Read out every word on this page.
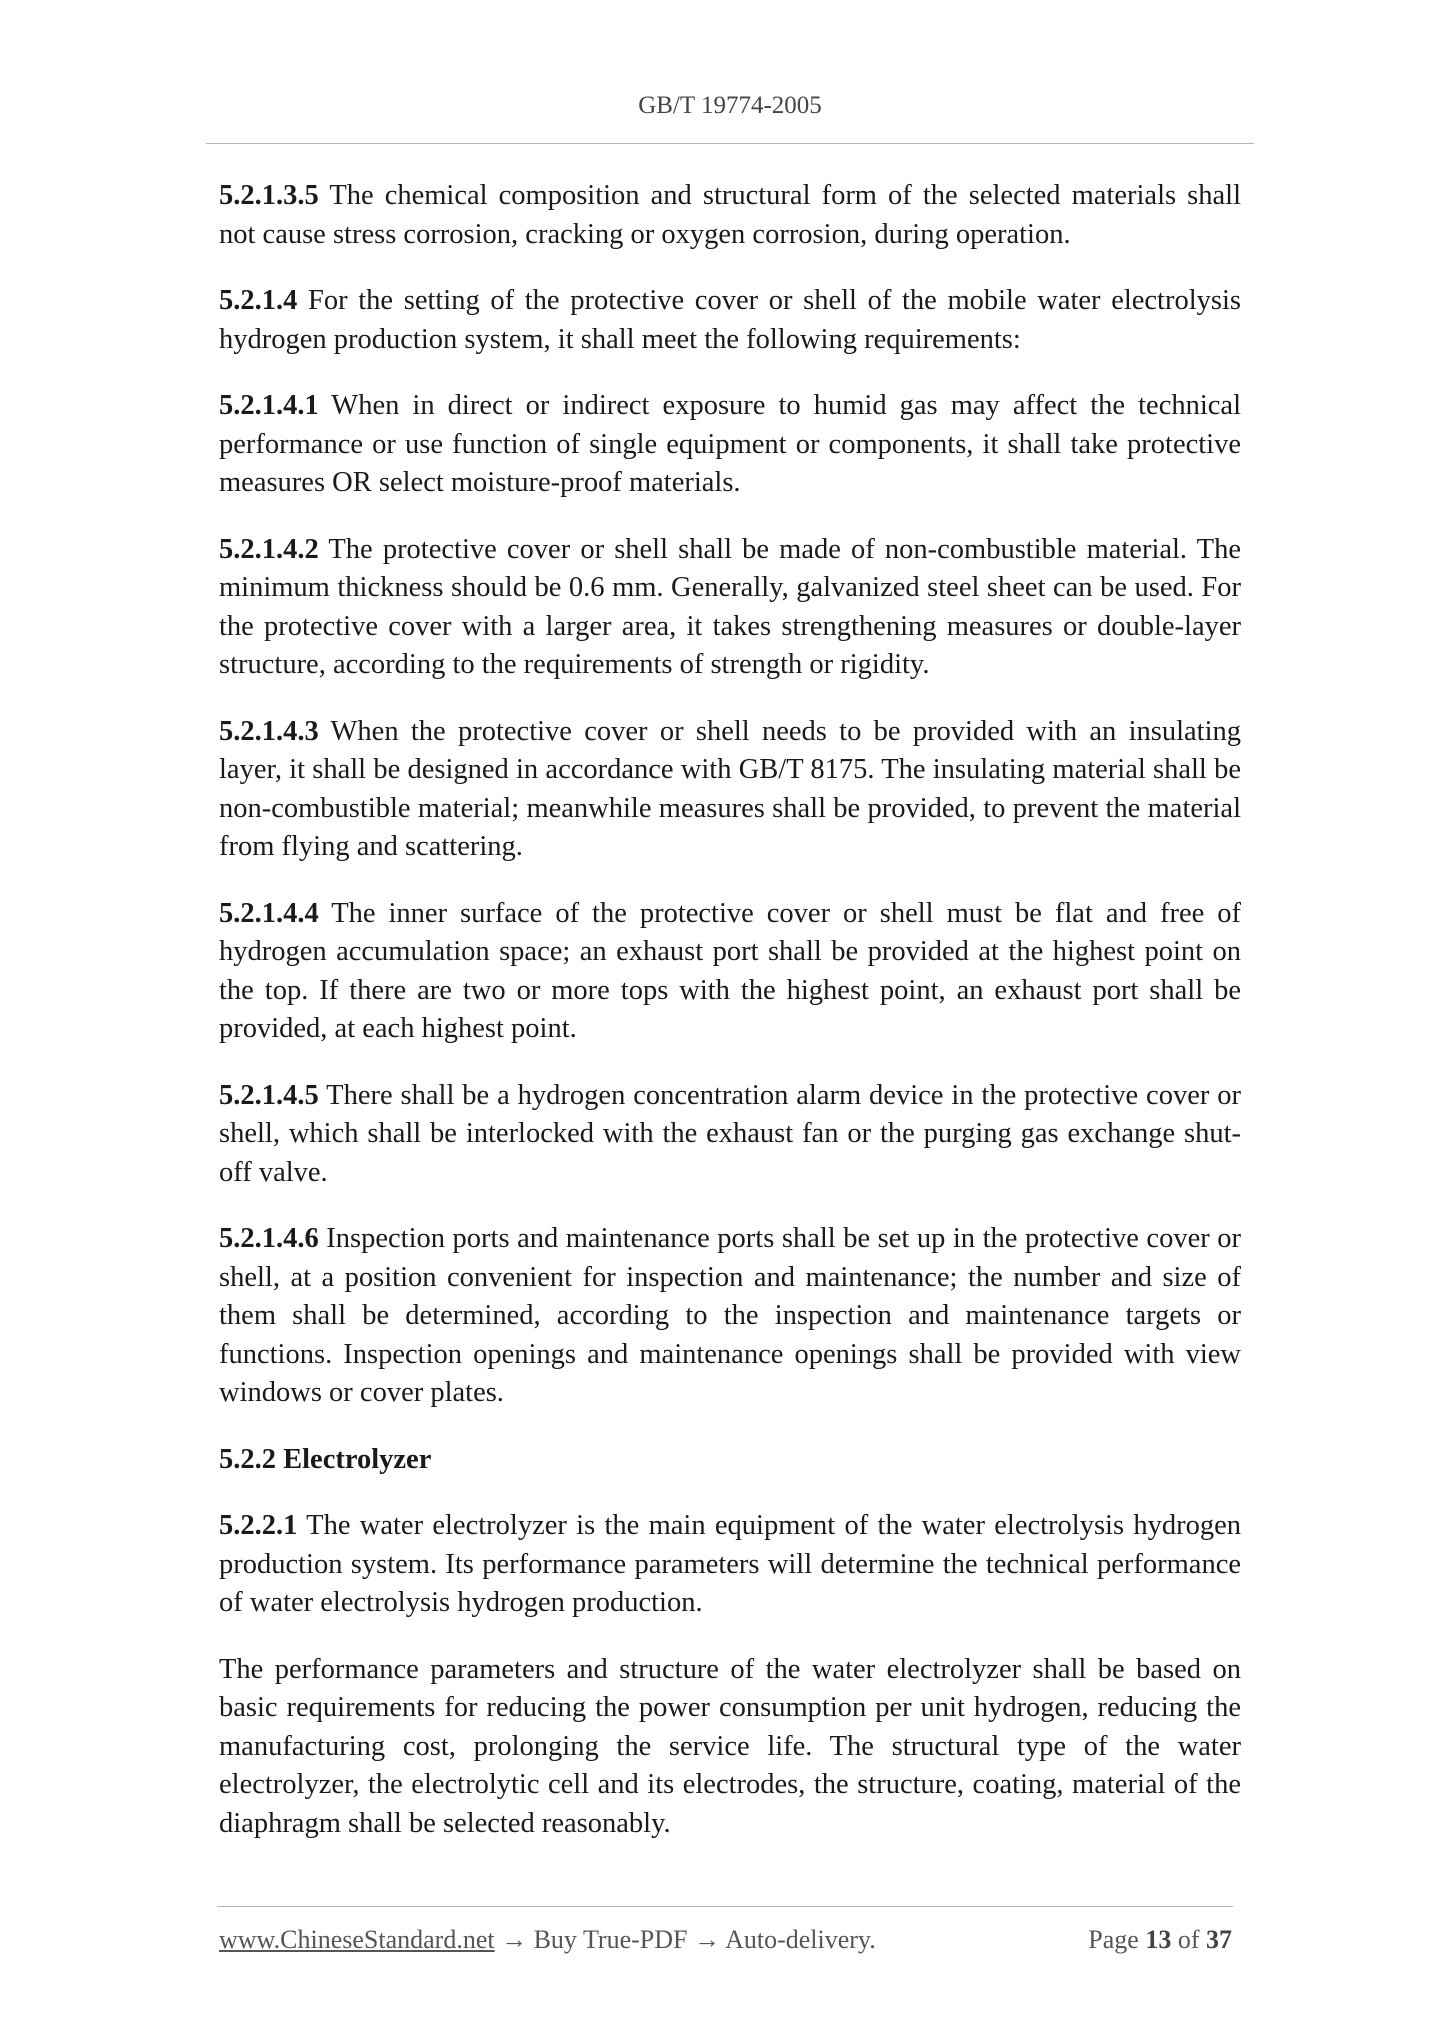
GB/T 19774-2005

5.2.1.3.5 The chemical composition and structural form of the selected materials shall not cause stress corrosion, cracking or oxygen corrosion, during operation.

5.2.1.4 For the setting of the protective cover or shell of the mobile water electrolysis hydrogen production system, it shall meet the following requirements:

5.2.1.4.1 When in direct or indirect exposure to humid gas may affect the technical performance or use function of single equipment or components, it shall take protective measures OR select moisture-proof materials.

5.2.1.4.2 The protective cover or shell shall be made of non-combustible material. The minimum thickness should be 0.6 mm. Generally, galvanized steel sheet can be used. For the protective cover with a larger area, it takes strengthening measures or double-layer structure, according to the requirements of strength or rigidity.

5.2.1.4.3 When the protective cover or shell needs to be provided with an insulating layer, it shall be designed in accordance with GB/T 8175. The insulating material shall be non-combustible material; meanwhile measures shall be provided, to prevent the material from flying and scattering.

5.2.1.4.4 The inner surface of the protective cover or shell must be flat and free of hydrogen accumulation space; an exhaust port shall be provided at the highest point on the top. If there are two or more tops with the highest point, an exhaust port shall be provided, at each highest point.

5.2.1.4.5 There shall be a hydrogen concentration alarm device in the protective cover or shell, which shall be interlocked with the exhaust fan or the purging gas exchange shut-off valve.

5.2.1.4.6 Inspection ports and maintenance ports shall be set up in the protective cover or shell, at a position convenient for inspection and maintenance; the number and size of them shall be determined, according to the inspection and maintenance targets or functions. Inspection openings and maintenance openings shall be provided with view windows or cover plates.

5.2.2 Electrolyzer

5.2.2.1 The water electrolyzer is the main equipment of the water electrolysis hydrogen production system. Its performance parameters will determine the technical performance of water electrolysis hydrogen production.

The performance parameters and structure of the water electrolyzer shall be based on basic requirements for reducing the power consumption per unit hydrogen, reducing the manufacturing cost, prolonging the service life. The structural type of the water electrolyzer, the electrolytic cell and its electrodes, the structure, coating, material of the diaphragm shall be selected reasonably.

www.ChineseStandard.net → Buy True-PDF → Auto-delivery.	Page 13 of 37
